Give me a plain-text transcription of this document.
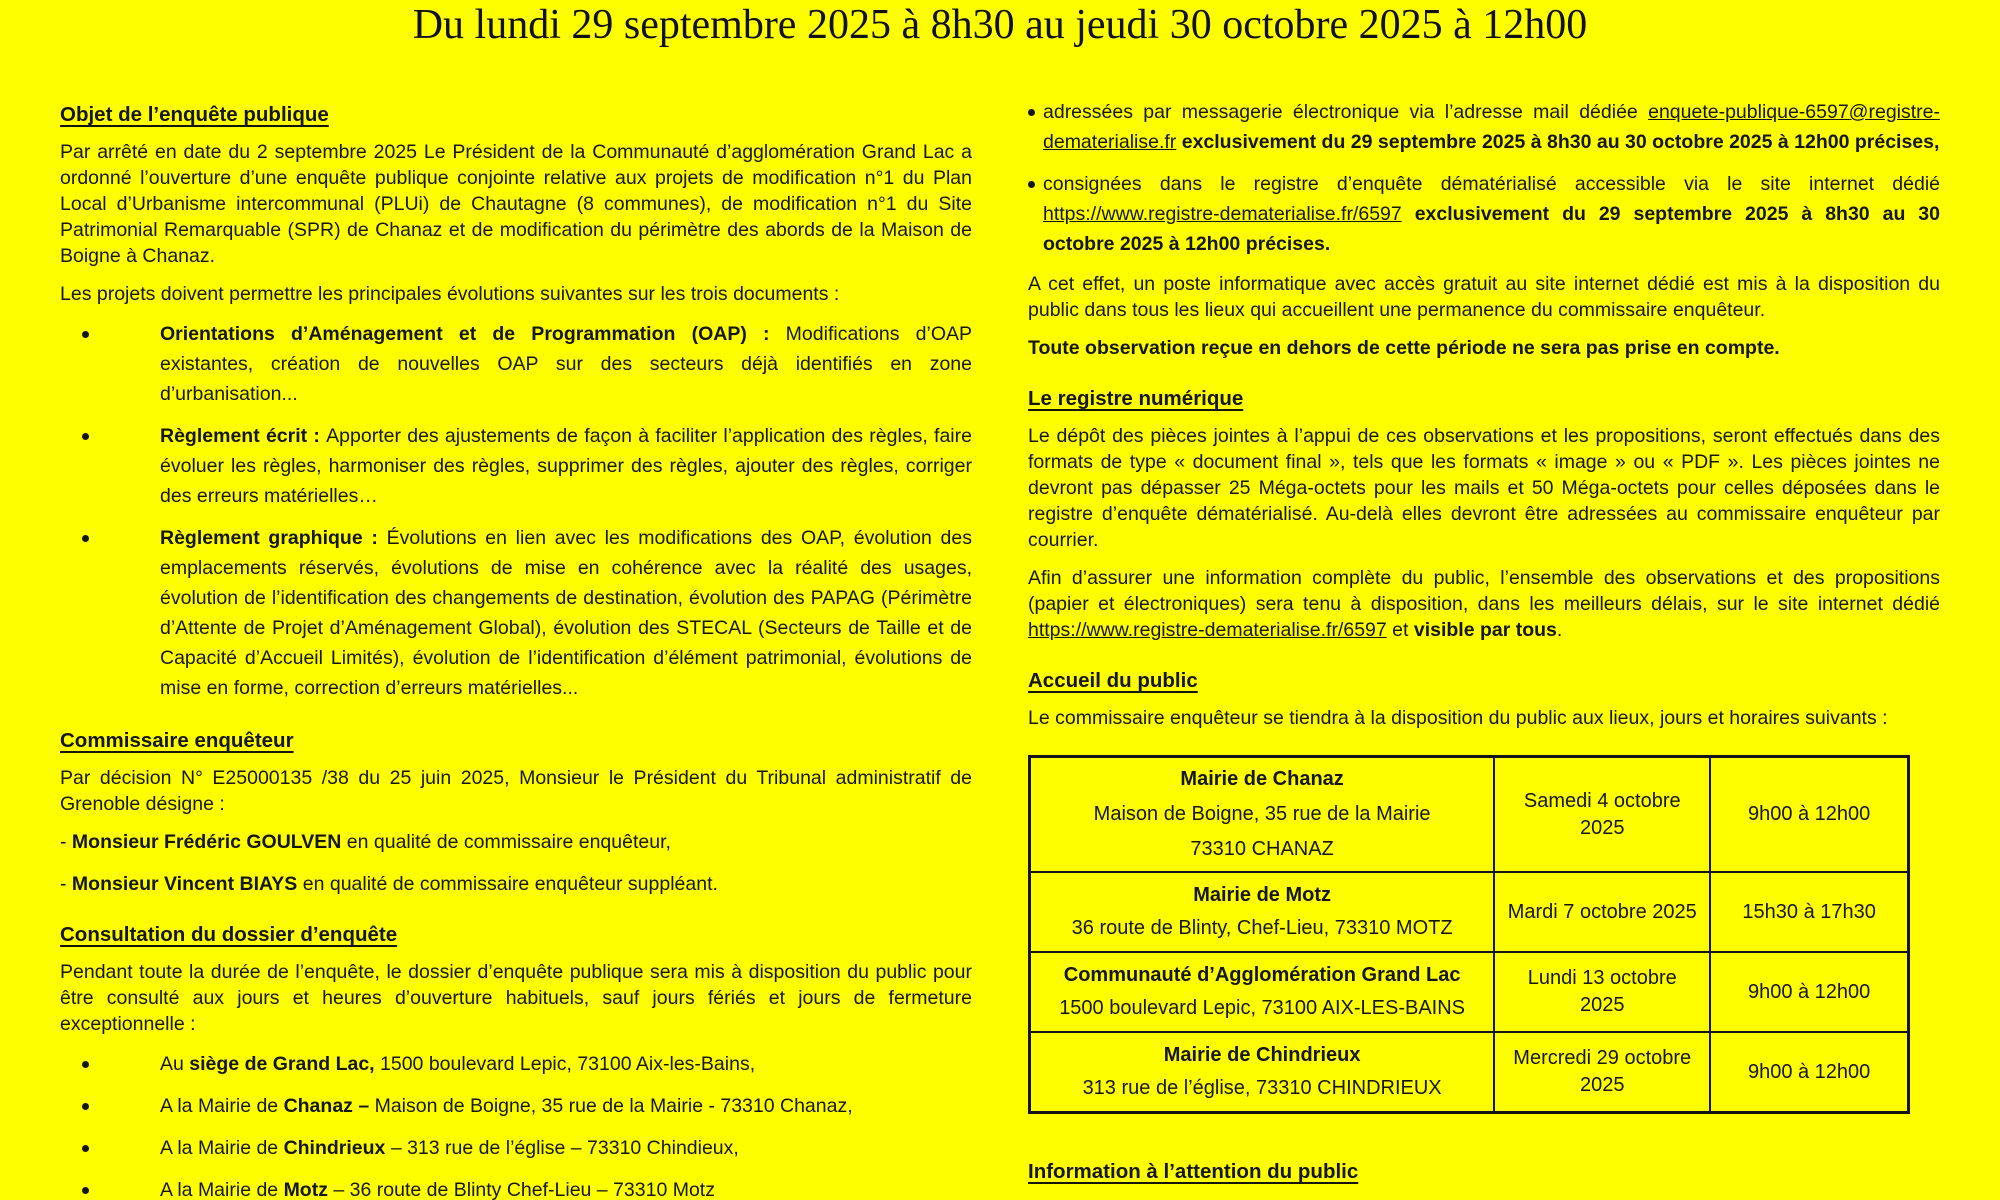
Du lundi 29 septembre 2025 à 8h30 au jeudi 30 octobre 2025 à 12h00
Objet de l’enquête publique
Par arrêté en date du 2 septembre 2025 Le Président de la Communauté d’agglomération Grand Lac a ordonné l’ouverture d’une enquête publique conjointe relative aux projets de modification n°1 du Plan Local d’Urbanisme intercommunal (PLUi) de Chautagne (8 communes), de modification n°1 du Site Patrimonial Remarquable (SPR) de Chanaz et de modification du périmètre des abords de la Maison de Boigne à Chanaz.
Les projets doivent permettre les principales évolutions suivantes sur les trois documents :
Orientations d’Aménagement et de Programmation (OAP) : Modifications d’OAP existantes, création de nouvelles OAP sur des secteurs déjà identifiés en zone d’urbanisation...
Règlement écrit : Apporter des ajustements de façon à faciliter l’application des règles, faire évoluer les règles, harmoniser des règles, supprimer des règles, ajouter des règles, corriger des erreurs matérielles…
Règlement graphique : Évolutions en lien avec les modifications des OAP, évolution des emplacements réservés, évolutions de mise en cohérence avec la réalité des usages, évolution de l’identification des changements de destination, évolution des PAPAG (Périmètre d’Attente de Projet d’Aménagement Global), évolution des STECAL (Secteurs de Taille et de Capacité d’Accueil Limités), évolution de l’identification d’élément patrimonial, évolutions de mise en forme, correction d’erreurs matérielles...
Commissaire enquêteur
Par décision N° E25000135 /38 du 25 juin 2025, Monsieur le Président du Tribunal administratif de Grenoble désigne :
- Monsieur Frédéric GOULVEN en qualité de commissaire enquêteur,
- Monsieur Vincent BIAYS en qualité de commissaire enquêteur suppléant.
Consultation du dossier d’enquête
Pendant toute la durée de l’enquête, le dossier d’enquête publique sera mis à disposition du public pour être consulté aux jours et heures d’ouverture habituels, sauf jours fériés et jours de fermeture exceptionnelle :
Au siège de Grand Lac, 1500 boulevard Lepic, 73100 Aix-les-Bains,
A la Mairie de Chanaz – Maison de Boigne, 35 rue de la Mairie - 73310 Chanaz,
A la Mairie de Chindrieux – 313 rue de l’église – 73310 Chindieux,
A la Mairie de Motz – 36 route de Blinty Chef-Lieu – 73310 Motz
adressées par messagerie électronique via l’adresse mail dédiée enquete-publique-6597@registre-dematerialise.fr exclusivement du 29 septembre 2025 à 8h30 au 30 octobre 2025 à 12h00 précises,
consignées dans le registre d’enquête dématérialisé accessible via le site internet dédié https://www.registre-dematerialise.fr/6597 exclusivement du 29 septembre 2025 à 8h30 au 30 octobre 2025 à 12h00 précises.
A cet effet, un poste informatique avec accès gratuit au site internet dédié est mis à la disposition du public dans tous les lieux qui accueillent une permanence du commissaire enquêteur.
Toute observation reçue en dehors de cette période ne sera pas prise en compte.
Le registre numérique
Le dépôt des pièces jointes à l’appui de ces observations et les propositions, seront effectués dans des formats de type « document final », tels que les formats « image » ou « PDF ». Les pièces jointes ne devront pas dépasser 25 Méga-octets pour les mails et 50 Méga-octets pour celles déposées dans le registre d’enquête dématérialisé. Au-delà elles devront être adressées au commissaire enquêteur par courrier.
Afin d’assurer une information complète du public, l’ensemble des observations et des propositions (papier et électroniques) sera tenu à disposition, dans les meilleurs délais, sur le site internet dédié https://www.registre-dematerialise.fr/6597 et visible par tous.
Accueil du public
Le commissaire enquêteur se tiendra à la disposition du public aux lieux, jours et horaires suivants :
Mairie de Chanaz
Maison de Boigne, 35 rue de la Mairie
73310 CHANAZ	Samedi 4 octobre 2025	9h00 à 12h00

Mairie de Motz
36 route de Blinty, Chef-Lieu, 73310 MOTZ	Mardi 7 octobre 2025	15h30 à 17h30

Communauté d’Agglomération Grand Lac
1500 boulevard Lepic, 73100 AIX-LES-BAINS	Lundi 13 octobre 2025	9h00 à 12h00

Mairie de Chindrieux
313 rue de l’église, 73310 CHINDRIEUX	Mercredi 29 octobre 2025	9h00 à 12h00
Information à l’attention du public
